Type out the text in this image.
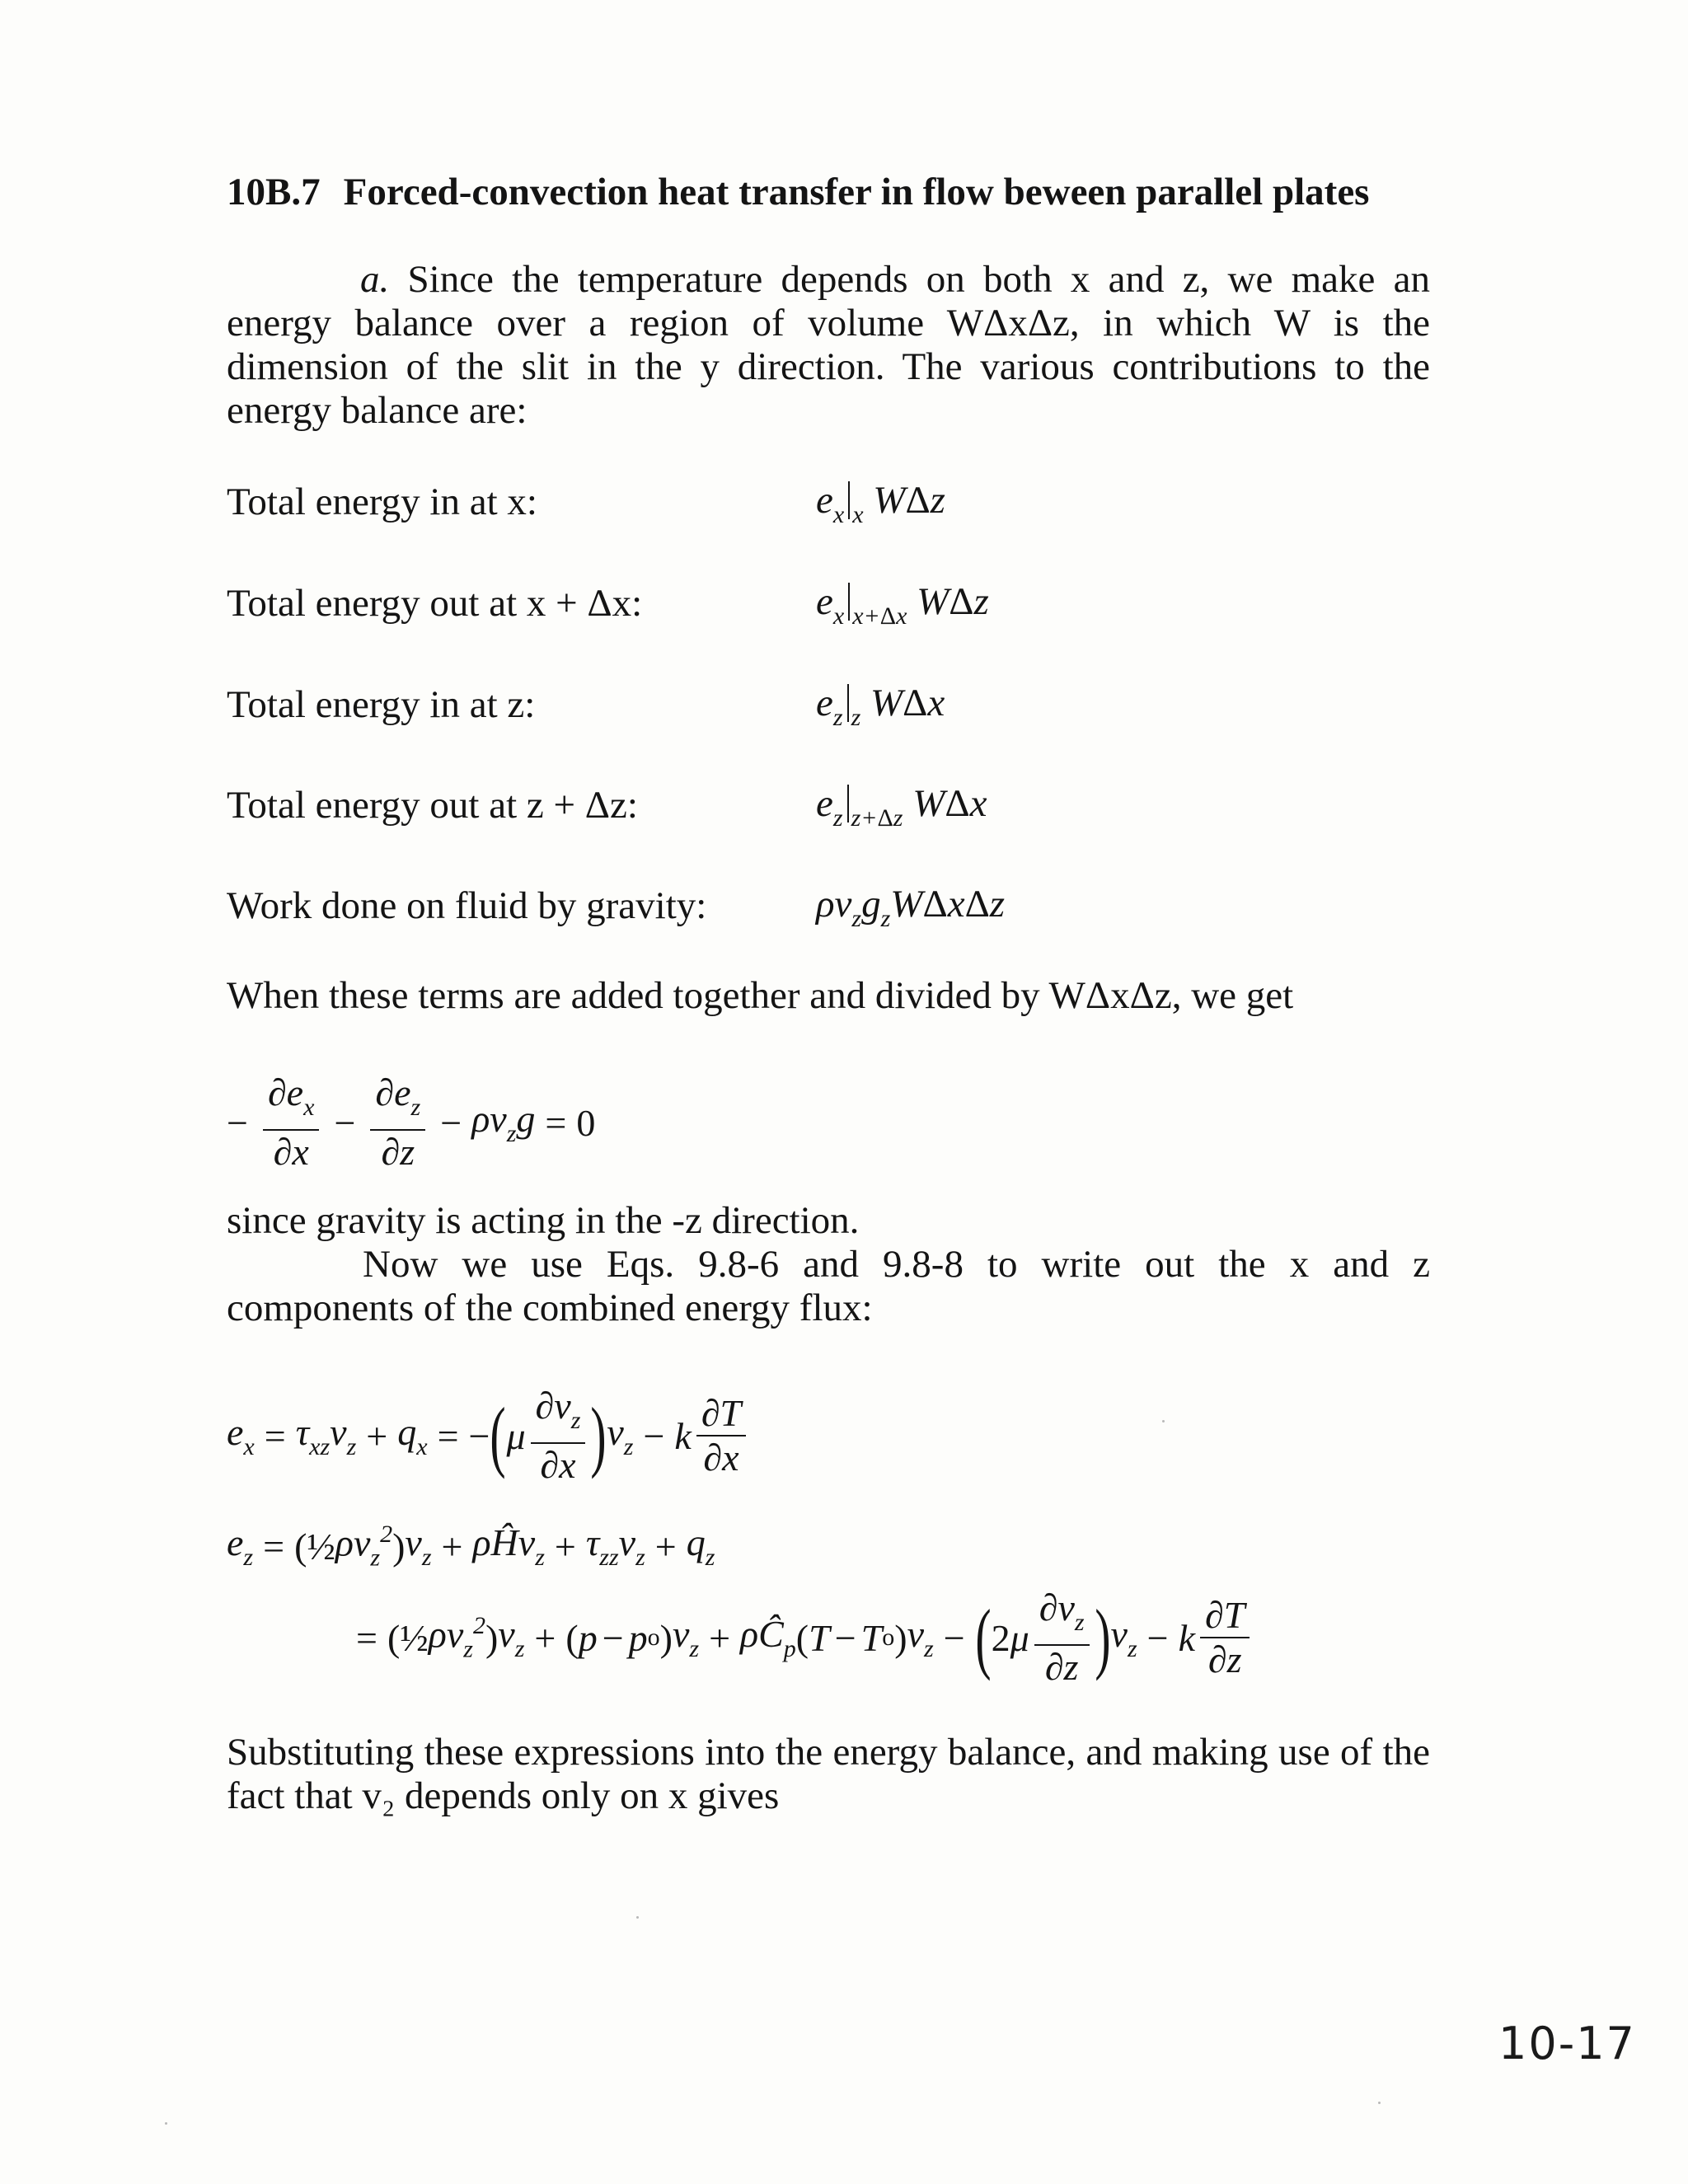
10B.7 Forced-convection heat transfer in flow beween parallel plates
a. Since the temperature depends on both x and z, we make an energy balance over a region of volume WΔxΔz, in which W is the dimension of the slit in the y direction. The various contributions to the energy balance are:
Total energy in at x:	$e_x$ $_x$ WΔz
Total energy out at x + Δx:	$e_x$ $_{x+\Delta x}$ WΔz
Total energy in at z:	$e_z$ $_z$ WΔx
Total energy out at z + Δz:	$e_z$ $_{z+\Delta z}$ WΔx
Work done on fluid by gravity:	$\rho v_zg_zW\Delta x\Delta z$
When these terms are added together and divided by WΔxΔz, we get
− $\frac{\partial e_x}{\partial x} - \frac{\partial e_z}{\partial z} - \rho v_zg = 0$
since gravity is acting in the -z direction.
Now we use Eqs. 9.8-6 and 9.8-8 to write out the x and z components of the combined energy flux:
$e_x = \tau_{xz}v_z + q_x$ = − ( μ $\frac{\partial v_z}{\partial x}$ ) $v_z - k \frac{\partial T}{\partial x}$
$e_z$ = (½ $\rho v_z^2$ ) $v_z$ + ρĤv$_z$ + $\tau_{zz}v_z + q_z$
= (½ $\rho v_z^2$ ) $v_z$ + ( p − p o ) $v_z$ + $\rho Ĉ_p$ ( T − T o ) $v_z$ − ( 2 μ $\frac{\partial v_z}{\partial z}$ ) $v_z - k \frac{\partial T}{\partial z}$
Substituting these expressions into the energy balance, and making use of the fact that v₂ depends only on x gives
10-17
